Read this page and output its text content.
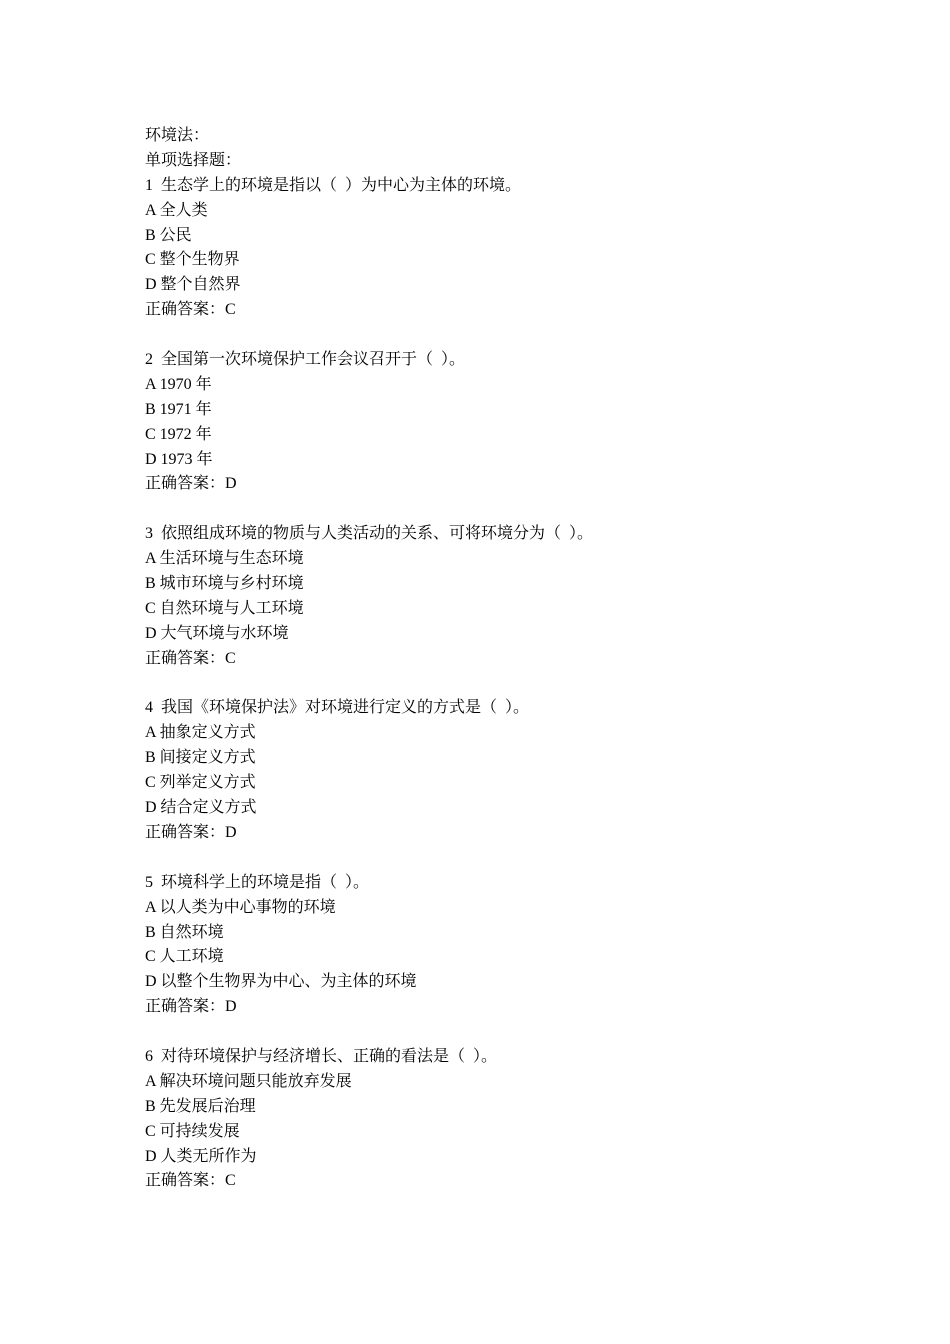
环境法：
单项选择题：
1  生态学上的环境是指以（  ）为中心为主体的环境。
A 全人类
B 公民
C 整个生物界
D 整个自然界
正确答案：C
2  全国第一次环境保护工作会议召开于（  ）。
A 1970 年
B 1971 年
C 1972 年
D 1973 年
正确答案：D
3  依照组成环境的物质与人类活动的关系、可将环境分为（  ）。
A 生活环境与生态环境
B 城市环境与乡村环境
C 自然环境与人工环境
D 大气环境与水环境
正确答案：C
4  我国《环境保护法》对环境进行定义的方式是（  ）。
A 抽象定义方式
B 间接定义方式
C 列举定义方式
D 结合定义方式
正确答案：D
5  环境科学上的环境是指（  ）。
A 以人类为中心事物的环境
B 自然环境
C 人工环境
D 以整个生物界为中心、为主体的环境
正确答案：D
6  对待环境保护与经济增长、正确的看法是（  ）。
A 解决环境问题只能放弃发展
B 先发展后治理
C 可持续发展
D 人类无所作为
正确答案：C
